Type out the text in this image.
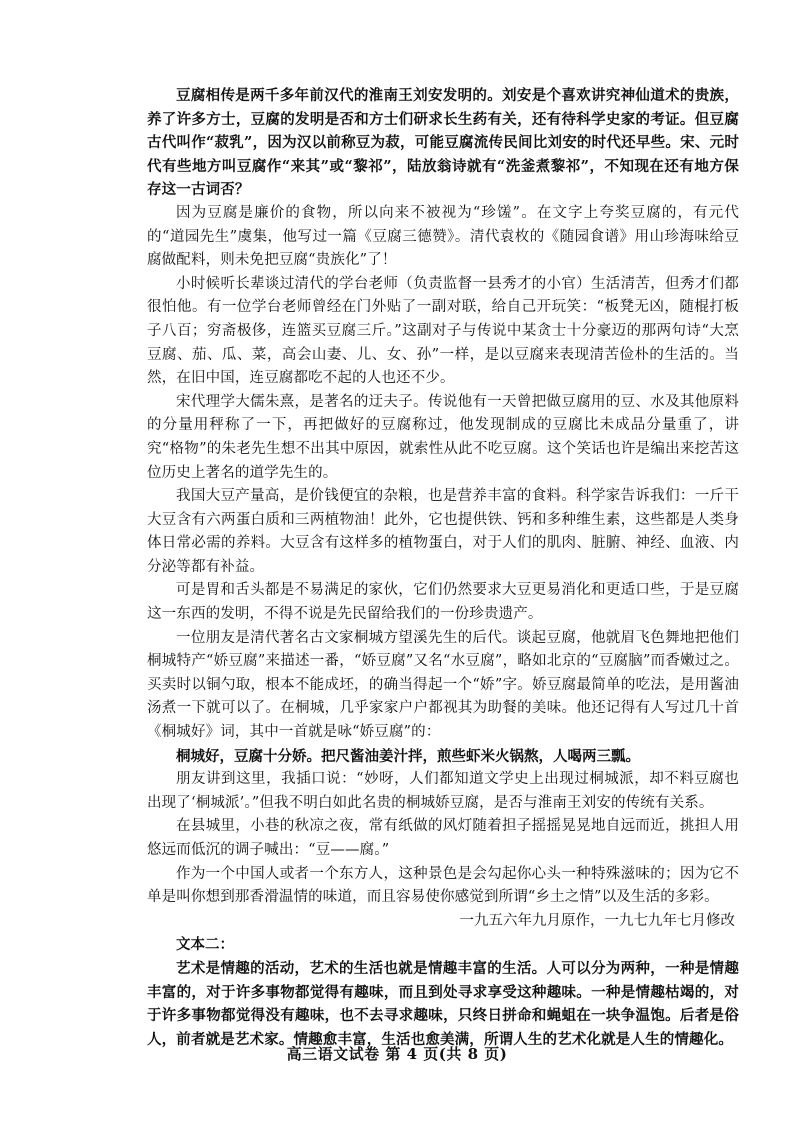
豆腐相传是两千多年前汉代的淮南王刘安发明的。刘安是个喜欢讲究神仙道术的贵族，养了许多方士，豆腐的发明是否和方士们研求长生药有关，还有待科学史家的考证。但豆腐古代叫作“菽乳”，因为汉以前称豆为菽，可能豆腐流传民间比刘安的时代还早些。宋、元时代有些地方叫豆腐作“来其”或“黎祁”，陆放翁诗就有“洗釜煮黎祁”，不知现在还有地方保存这一古词否？

因为豆腐是廉价的食物，所以向来不被视为“珍馐”。在文字上夸奖豆腐的，有元代的“道园先生”虞集，他写过一篇《豆腐三德赞》。清代袁枚的《随园食谱》用山珍海味给豆腐做配料，则未免把豆腐“贵族化”了！

小时候听长辈谈过清代的学台老师（负责监督一县秀才的小官）生活清苦，但秀才们都很怕他。有一位学台老师曾经在门外贴了一副对联，给自己开玩笑：“板凳无凶，随棍打板子八百；穷斋极侈，连篮买豆腐三斤。”这副对子与传说中某贪士十分豪迈的那两句诗“大烹豆腐、茄、瓜、菜，高会山妻、儿、女、孙”一样，是以豆腐来表现清苦俭朴的生活的。当然，在旧中国，连豆腐都吃不起的人也还不少。

宋代理学大儒朱熹，是著名的迂夫子。传说他有一天曾把做豆腐用的豆、水及其他原料的分量用秤称了一下，再把做好的豆腐称过，他发现制成的豆腐比未成品分量重了，讲究“格物”的朱老先生想不出其中原因，就索性从此不吃豆腐。这个笑话也许是编出来挖苦这位历史上著名的道学先生的。

我国大豆产量高，是价钱便宜的杂粮，也是营养丰富的食料。科学家告诉我们：一斤干大豆含有六两蛋白质和三两植物油！此外，它也提供铁、钙和多种维生素，这些都是人类身体日常必需的养料。大豆含有这样多的植物蛋白，对于人们的肌肉、脏腑、神经、血液、内分泌等都有补益。

可是胃和舌头都是不易满足的家伙，它们仍然要求大豆更易消化和更适口些，于是豆腐这一东西的发明，不得不说是先民留给我们的一份珍贵遗产。

一位朋友是清代著名古文家桐城方望溪先生的后代。谈起豆腐，他就眉飞色舞地把他们桐城特产“娇豆腐”来描述一番，“娇豆腐”又名“水豆腐”，略如北京的“豆腐脑”而香嫩过之。买卖时以铜勺取，根本不能成坯，的确当得起一个“娇”字。娇豆腐最简单的吃法，是用酱油汤煮一下就可以了。在桐城，几乎家家户户都视其为助餐的美味。他还记得有人写过几十首《桐城好》词，其中一首就是咏“娇豆腐”的：

桐城好，豆腐十分娇。把尺酱油姜汁拌，煎些虾米火锅熬，人喝两三瓢。

朋友讲到这里，我插口说：“妙呀，人们都知道文学史上出现过桐城派，却不料豆腐也出现了‘桐城派’。”但我不明白如此名贵的桐城娇豆腐，是否与淮南王刘安的传统有关系。

在县城里，小巷的秋凉之夜，常有纸做的风灯随着担子摇摇晃晃地自远而近，挑担人用悠远而低沉的调子喊出：“豆——腐。”

作为一个中国人或者一个东方人，这种景色是会勾起你心头一种特殊滋味的；因为它不单是叫你想到那香滑温情的味道，而且容易使你感觉到所谓“乡土之情”以及生活的多彩。

一九五六年九月原作，一九七九年七月修改

文本二：

艺术是情趣的活动，艺术的生活也就是情趣丰富的生活。人可以分为两种，一种是情趣丰富的，对于许多事物都觉得有趣味，而且到处寻求享受这种趣味。一种是情趣枯竭的，对于许多事物都觉得没有趣味，也不去寻求趣味，只终日拼命和蝇蛆在一块争温饱。后者是俗人，前者就是艺术家。情趣愈丰富，生活也愈美满，所谓人生的艺术化就是人生的情趣化。

高三语文试卷 第 4 页(共 8 页)
